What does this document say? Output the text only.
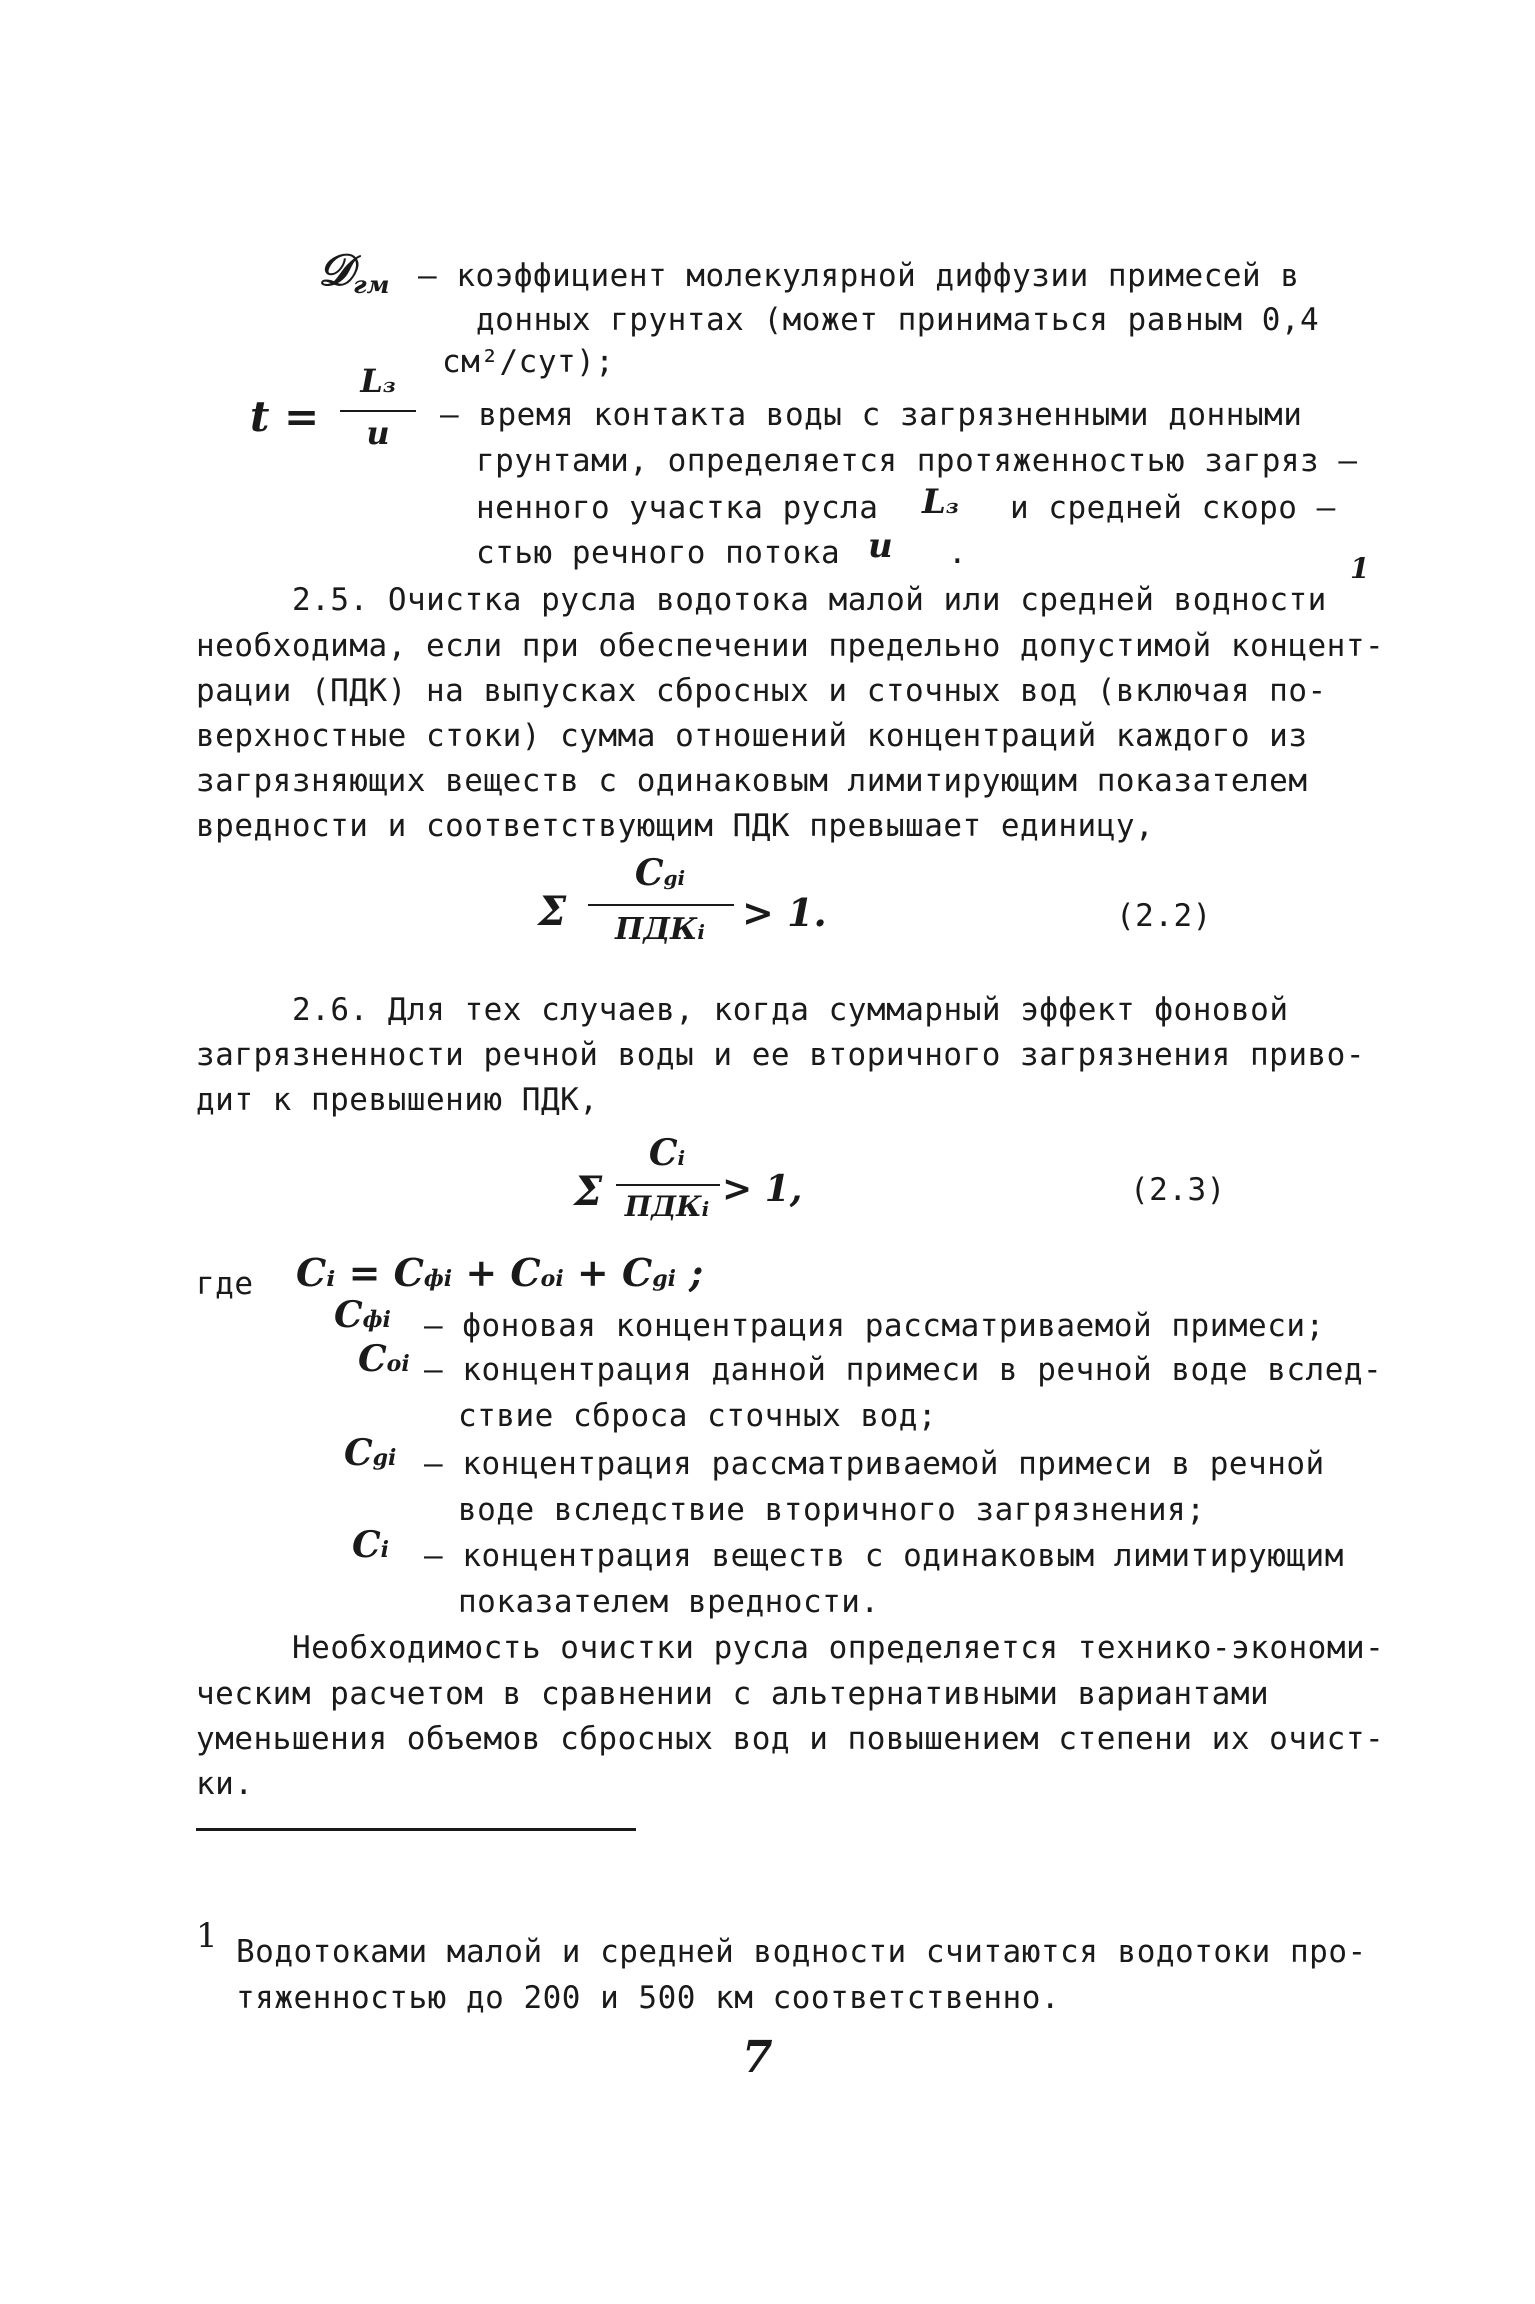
𝒟гм – коэффициент молекулярной диффузии примесей в
донных грунтах (может приниматься равным 0,4
см²/сут);
t =
Lз
u	– время контакта воды с загрязненными донными
грунтами, определяется протяженностью загряз –
ненного участка русла Lз и средней скоро –
стью речного потока u .	1
2.5. Очистка русла водотока малой или средней водности
необходима, если при обеспечении предельно допустимой концент-
рации (ПДК) на выпусках сбросных и сточных вод (включая по-
верхностные стоки) сумма отношений концентраций каждого из
загрязняющих веществ с одинаковым лимитирующим показателем
вредности и соответствующим ПДК превышает единицу,
Σ
Cgi
ПДКi > 1.	(2.2)
2.6. Для тех случаев, когда суммарный эффект фоновой
загрязненности речной воды и ее вторичного загрязнения приво-
дит к превышению ПДК,
Σ
Ci
ПДКi > 1,	(2.3)
где Cᵢ = Cфi + Coi + Cgi ;
Cфi – фоновая концентрация рассматриваемой примеси;
Coi – концентрация данной примеси в речной воде вслед-
ствие сброса сточных вод;
Cgi – концентрация рассматриваемой примеси в речной
воде вследствие вторичного загрязнения;
Ci – концентрация веществ с одинаковым лимитирующим
показателем вредности.
Необходимость очистки русла определяется технико-экономи-
ческим расчетом в сравнении с альтернативными вариантами
уменьшения объемов сбросных вод и повышением степени их очист-
ки.
1 Водотоками малой и средней водности считаются водотоки про-
тяженностью до 200 и 500 км соответственно.
7
